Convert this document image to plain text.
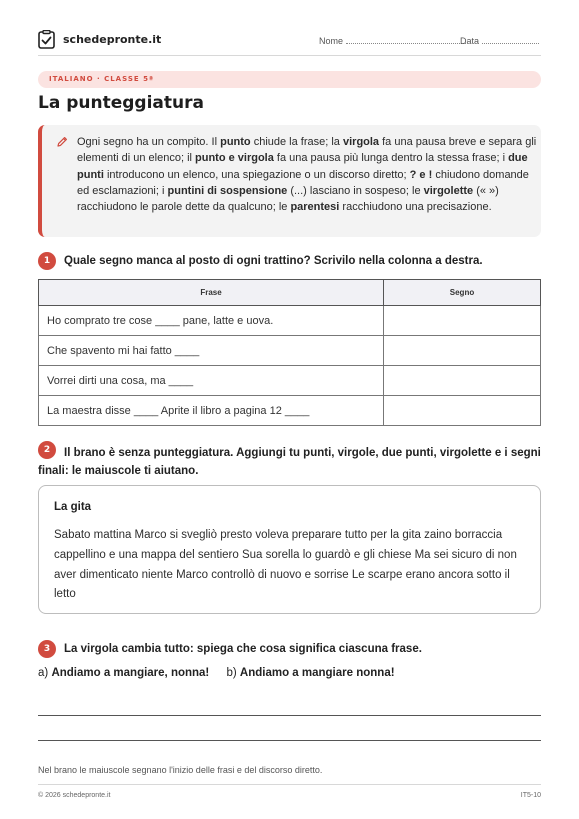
schedepronte.it	Nome	Data
ITALIANO · CLASSE 5ª
La punteggiatura

Ogni segno ha un compito. Il punto chiude la frase; la virgola fa una pausa breve e separa gli elementi di un elenco; il punto e virgola fa una pausa più lunga dentro la stessa frase; i due punti introducono un elenco, una spiegazione o un discorso diretto; ? e ! chiudono domande ed esclamazioni; i puntini di sospensione (...) lasciano in sospeso; le virgolette (« ») racchiudono le parole dette da qualcuno; le parentesi racchiudono una precisazione.

1	Quale segno manca al posto di ogni trattino? Scrivilo nella colonna a destra.
Frase	Segno
Ho comprato tre cose ____ pane, latte e uova.	
Che spavento mi hai fatto ____	
Vorrei dirti una cosa, ma ____	
La maestra disse ____ Aprite il libro a pagina 12 ____	
2	Il brano è senza punteggiatura. Aggiungi tu punti, virgole, due punti, virgolette e i segni finali: le maiuscole ti aiutano.
La gita

Sabato mattina Marco si svegliò presto voleva preparare tutto per la gita zaino borraccia cappellino e una mappa del sentiero Sua sorella lo guardò e gli chiese Ma sei sicuro di non aver dimenticato niente Marco controllò di nuovo e sorrise Le scarpe erano ancora sotto il letto

3	La virgola cambia tutto: spiega che cosa significa ciascuna frase.
a) Andiamo a mangiare, nonna! b) Andiamo a mangiare nonna!
Nel brano le maiuscole segnano l'inizio delle frasi e del discorso diretto.
© 2026 schedepronte.it	IT5-10
